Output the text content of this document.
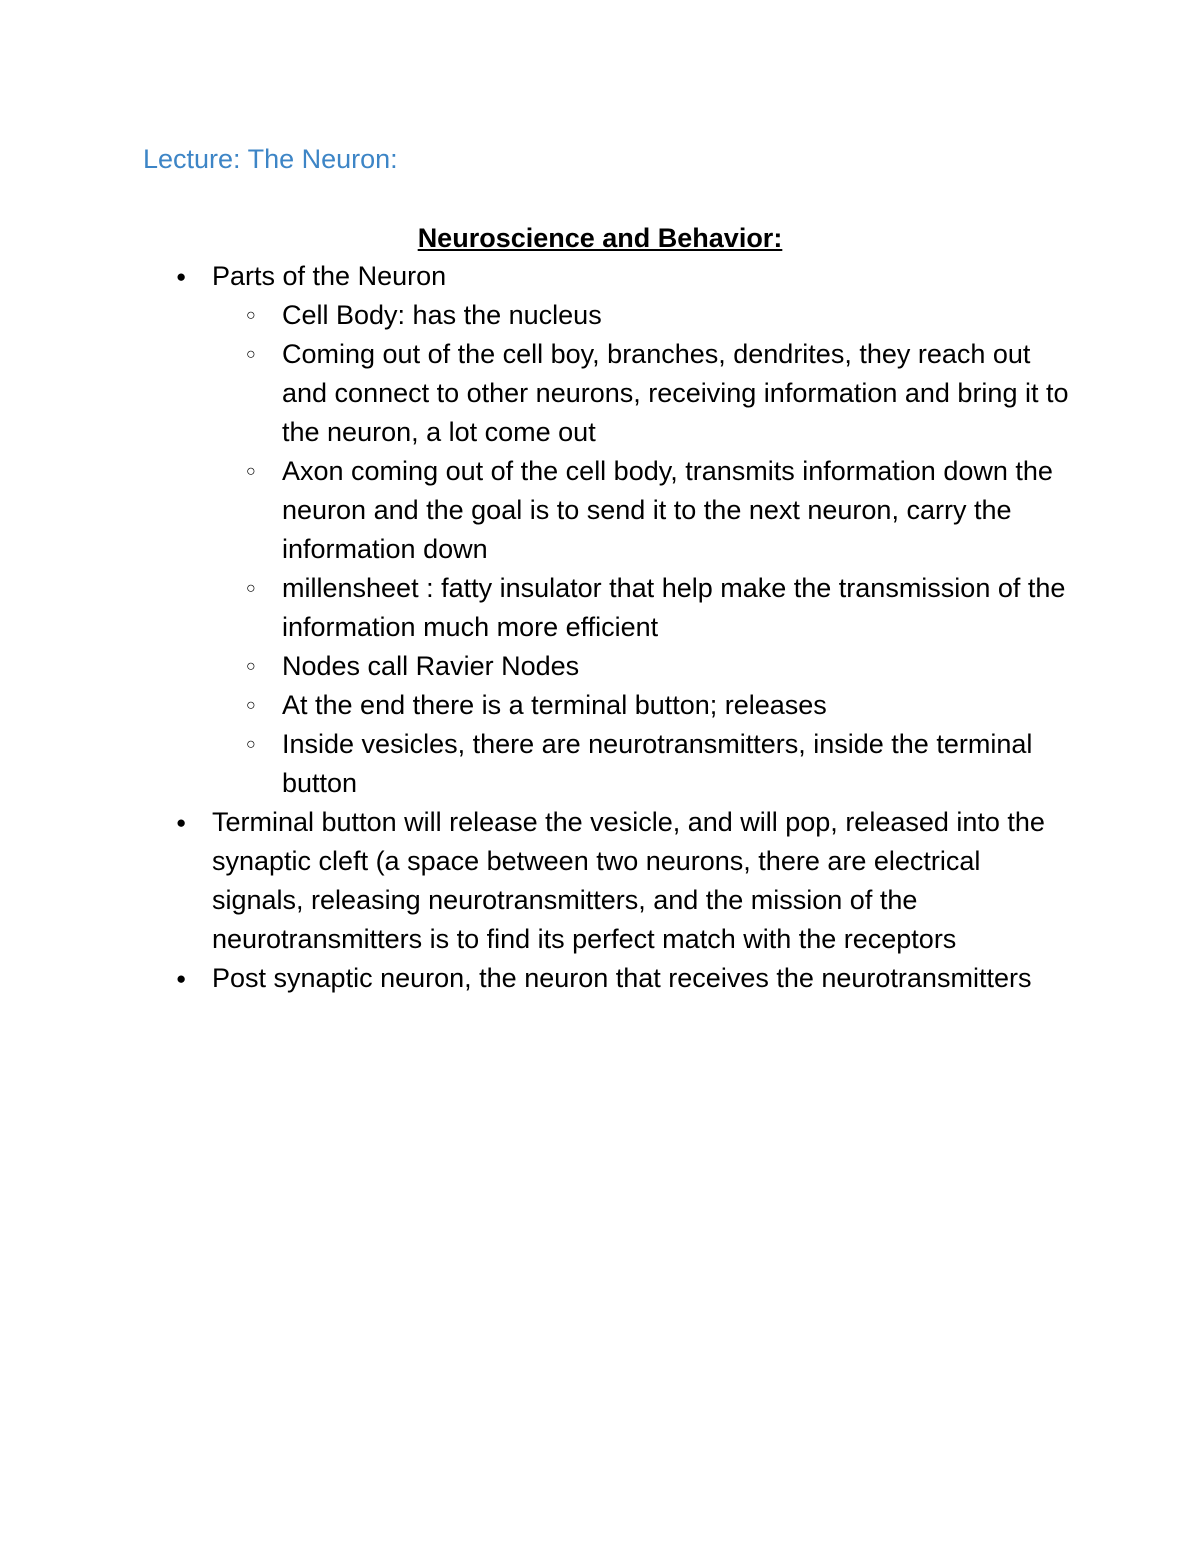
Lecture: The Neuron:
Neuroscience and Behavior:
● Parts of the Neuron
○ Cell Body: has the nucleus
○ Coming out of the cell boy, branches, dendrites, they reach out and connect to other neurons, receiving information and bring it to the neuron, a lot come out
○ Axon coming out of the cell body, transmits information down the neuron and the goal is to send it to the next neuron, carry the information down
○ millensheet : fatty insulator that help make the transmission of the information much more efficient
○ Nodes call Ravier Nodes
○ At the end there is a terminal button; releases
○ Inside vesicles, there are neurotransmitters, inside the terminal button
● Terminal button will release the vesicle, and will pop, released into the synaptic cleft (a space between two neurons, there are electrical signals, releasing neurotransmitters, and the mission of the neurotransmitters is to find its perfect match with the receptors
● Post synaptic neuron, the neuron that receives the neurotransmitters
